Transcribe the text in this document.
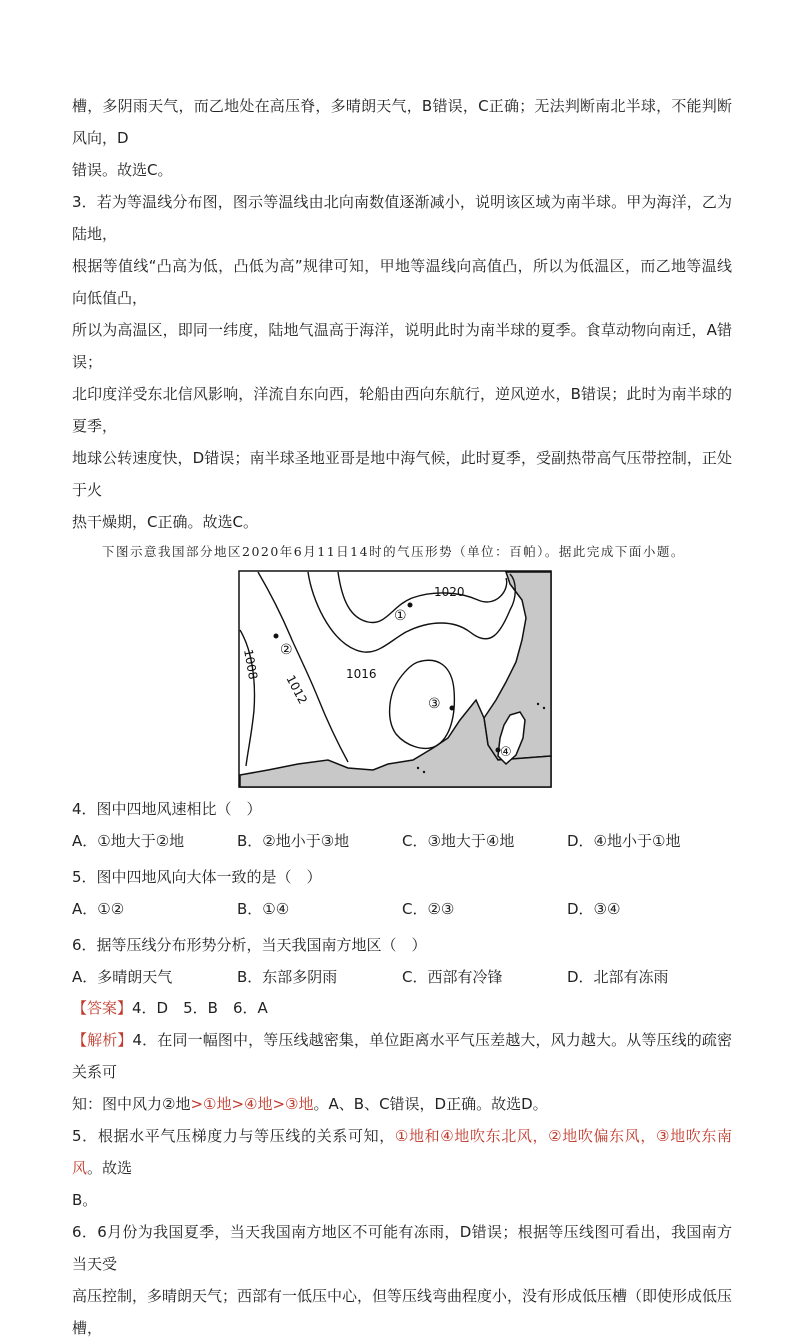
槽，多阴雨天气，而乙地处在高压脊，多晴朗天气，B错误，C正确；无法判断南北半球，不能判断风向，D

错误。故选C。

3．若为等温线分布图，图示等温线由北向南数值逐渐减小，说明该区域为南半球。甲为海洋，乙为陆地，

根据等值线“凸高为低，凸低为高”规律可知，甲地等温线向高值凸，所以为低温区，而乙地等温线向低值凸，

所以为高温区，即同一纬度，陆地气温高于海洋，说明此时为南半球的夏季。食草动物向南迁，A错误；

北印度洋受东北信风影响，洋流自东向西，轮船由西向东航行，逆风逆水，B错误；此时为南半球的夏季，

地球公转速度快，D错误；南半球圣地亚哥是地中海气候，此时夏季，受副热带高气压带控制，正处于火

热干燥期，C正确。故选C。

下图示意我国部分地区2020年6月11日14时的气压形势（单位：百帕）。据此完成下面小题。

1020
1016
1012
1008
①
②
③
④

4．图中四地风速相比（　）

A．①地大于②地	B．②地小于③地	C．③地大于④地	D．④地小于①地

5．图中四地风向大体一致的是（　）

A．①②	B．①④	C．②③	D．③④

6．据等压线分布形势分析，当天我国南方地区（　）

A．多晴朗天气	B．东部多阴雨	C．西部有冷锋	D．北部有冻雨

【答案】4．D　5．B　6．A

【解析】4．在同一幅图中，等压线越密集，单位距离水平气压差越大，风力越大。从等压线的疏密关系可

知：图中风力②地>①地>④地>③地。A、B、C错误，D正确。故选D。

5．根据水平气压梯度力与等压线的关系可知，①地和④地吹东北风，②地吹偏东风，③地吹东南风。故选

B。

6．6月份为我国夏季，当天我国南方地区不可能有冻雨，D错误；根据等压线图可看出，我国南方当天受

高压控制，多晴朗天气；西部有一低压中心，但等压线弯曲程度小，没有形成低压槽（即使形成低压槽，
